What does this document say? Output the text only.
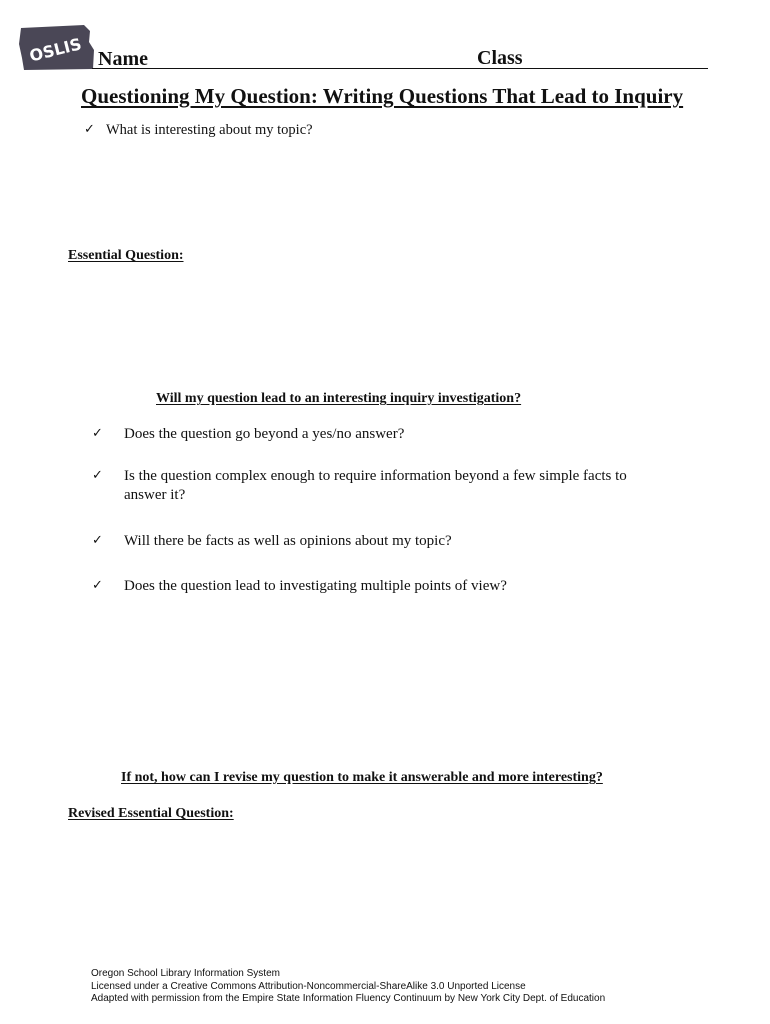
OSLIS Name	Class
Questioning My Question: Writing Questions That Lead to Inquiry
✓ What is interesting about my topic?
Essential Question:
Will my question lead to an interesting inquiry investigation?
✓ Does the question go beyond a yes/no answer?
✓ Is the question complex enough to require information beyond a few simple facts to
answer it?
✓ Will there be facts as well as opinions about my topic?
✓ Does the question lead to investigating multiple points of view?
If not, how can I revise my question to make it answerable and more interesting?
Revised Essential Question:
Oregon School Library Information System
Licensed under a Creative Commons Attribution-Noncommercial-ShareAlike 3.0 Unported License
Adapted with permission from the Empire State Information Fluency Continuum by New York City Dept. of Education
